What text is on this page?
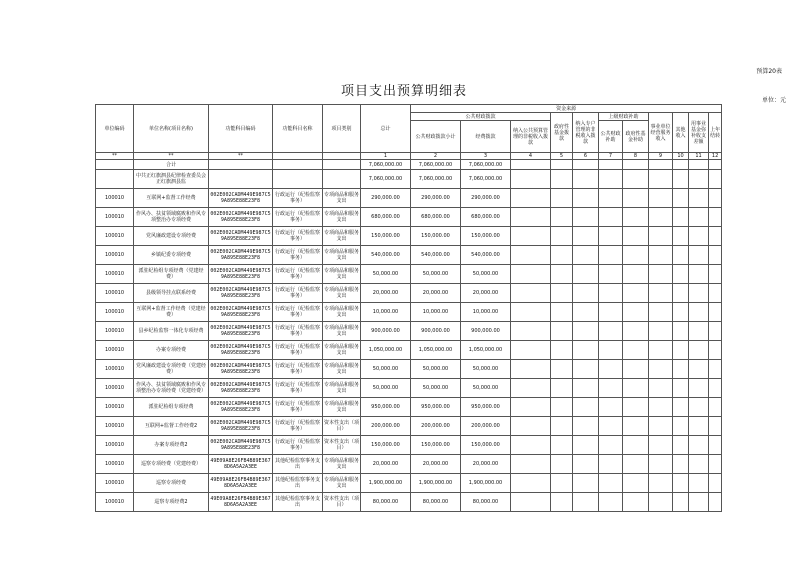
预算20表
项目支出预算明细表
单位：元
单位编码	单位名称(项目名称)	功能科目编码	功能科目名称	项目类别	总计	资金来源										
						公共财政拨款			政府性基金拨款	纳入专户管理的非税收入拨款	上级财政补助		事业单位经营服务收入	其他收入	用事业基金弥补收支差额	上年结转
						公共财政拨款小计	经费拨款	纳入公共预算管理的非税收入拨款			公共财政补助	政府性基金补助				
**	**	**			1	2	3	4	5	6	7	8	9	10	11	12
	合计				7,060,000.00	7,060,000.00	7,060,000.00									
	中共正红旗泗县纪律检查委员会正红旗泗县监				7,060,000.00	7,060,000.00	7,060,000.00									
100010	互联网+监督工作经费	002E002CADM449E987C59A895E88E23F8	行政运行（纪检监察事务）	专项商品和服务支出	290,000.00	290,000.00	290,000.00									
100010	作风办、扶贫领域腐败和作风专项整治办专项经费	002E002CADM449E987C59A895E88E23F8	行政运行（纪检监察事务）	专项商品和服务支出	680,000.00	680,000.00	680,000.00									
100010	党风廉政建设专项经费	002E002CADM449E987C59A895E88E23F8	行政运行（纪检监察事务）	专项商品和服务支出	150,000.00	150,000.00	150,000.00									
100010	乡镇纪委专项经费	002E002CADM449E987C59A895E88E23F8	行政运行（纪检监察事务）	专项商品和服务支出	540,000.00	540,000.00	540,000.00									
100010	派驻纪检组专项经费（党建经费）	002E002CADM449E987C59A895E88E23F8	行政运行（纪检监察事务）	专项商品和服务支出	50,000.00	50,000.00	50,000.00									
100010	县级领导挂点联系经费	002E002CADM449E987C59A895E88E23F8	行政运行（纪检监察事务）	专项商品和服务支出	20,000.00	20,000.00	20,000.00									
100010	互联网+监督工作经费（党建经费）	002E002CADM449E987C59A895E88E23F8	行政运行（纪检监察事务）	专项商品和服务支出	10,000.00	10,000.00	10,000.00									
100010	县乡纪检监察一体化专项经费	002E002CADM449E987C59A895E88E23F8	行政运行（纪检监察事务）	专项商品和服务支出	900,000.00	900,000.00	900,000.00									
100010	办案专项经费	002E002CADM449E987C59A895E88E23F8	行政运行（纪检监察事务）	专项商品和服务支出	1,050,000.00	1,050,000.00	1,050,000.00									
100010	党风廉政建设专项经费（党建经费）	002E002CADM449E987C59A895E88E23F8	行政运行（纪检监察事务）	专项商品和服务支出	50,000.00	50,000.00	50,000.00									
100010	作风办、扶贫领域腐败和作风专项整治办专项经费（党建经费）	002E002CADM449E987C59A895E88E23F8	行政运行（纪检监察事务）	专项商品和服务支出	50,000.00	50,000.00	50,000.00									
100010	派驻纪检组专项经费	002E002CADM449E987C59A895E88E23F8	行政运行（纪检监察事务）	专项商品和服务支出	950,000.00	950,000.00	950,000.00									
100010	互联网+监督工作经费2	002E002CADM449E987C59A895E88E23F8	行政运行（纪检监察事务）	资本性支出（项目）	200,000.00	200,000.00	200,000.00									
100010	办案专项经费2	002E002CADM449E987C59A895E88E23F8	行政运行（纪检监察事务）	资本性支出（项目）	150,000.00	150,000.00	150,000.00									
100010	巡察专项经费（党建经费）	49E09A8E26FB4B89E3678D6A5A2A3EE	其他纪检监察事务支出	专项商品和服务支出	20,000.00	20,000.00	20,000.00									
100010	巡察专项经费	49E09A8E26FB4B89E3678D6A5A2A3EE	其他纪检监察事务支出	专项商品和服务支出	1,900,000.00	1,900,000.00	1,900,000.00									
100010	巡察专项经费2	49E09A8E26FB4B89E3678D6A5A2A3EE	其他纪检监察事务支出	资本性支出（项目）	80,000.00	80,000.00	80,000.00									
